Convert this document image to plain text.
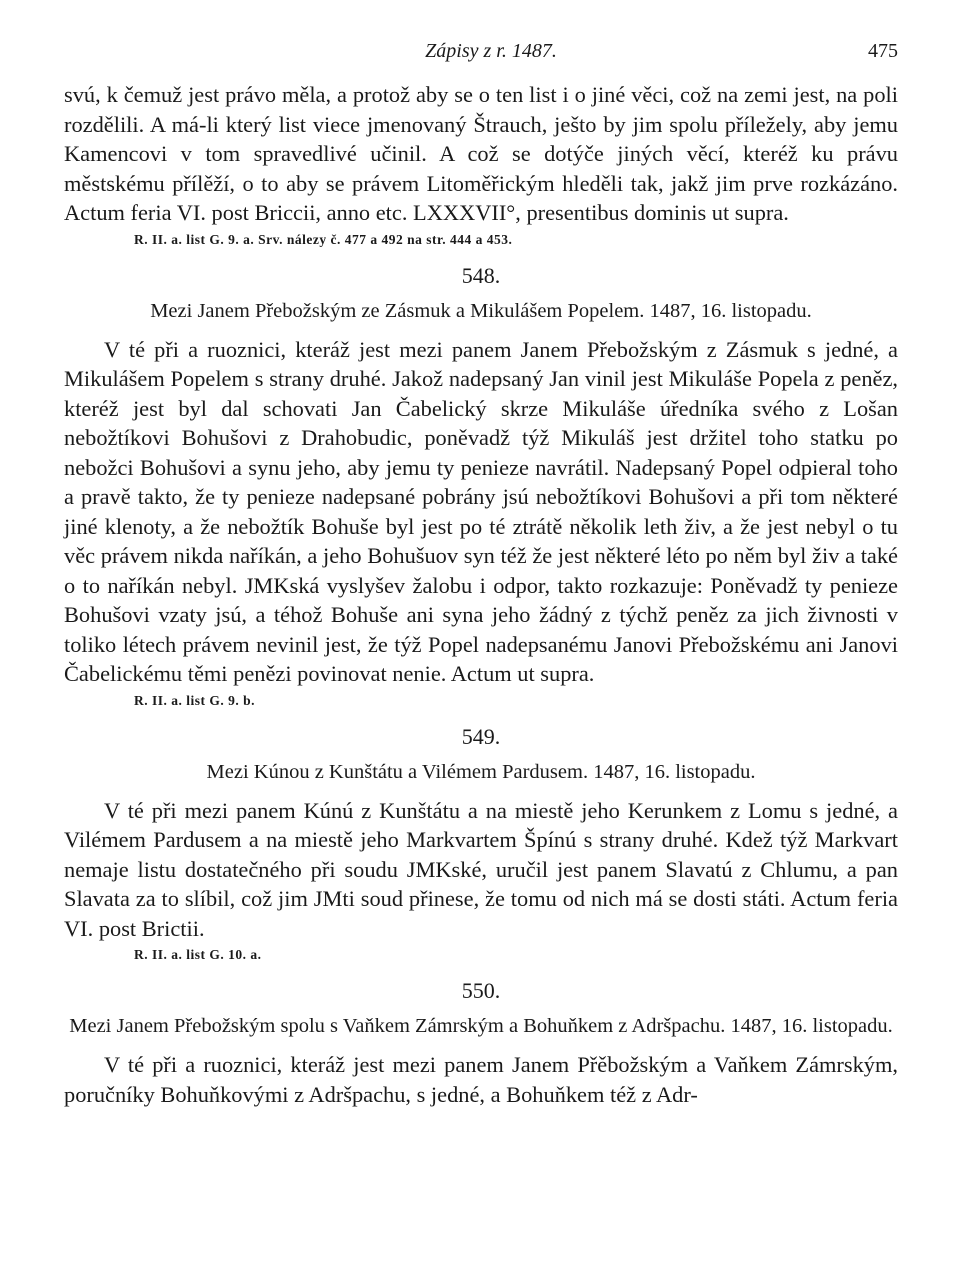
Zápisy z r. 1487.	475

svú, k čemuž jest právo měla, a protož aby se o ten list i o jiné věci, což na zemi jest, na poli rozdělili. A má-li který list viece jmenovaný Štrauch, ješto by jim spolu příležely, aby jemu Kamencovi v tom spravedlivé učinil. A což se dotýče jiných věcí, kteréž ku právu městskému přílěží, o to aby se právem Litoměřickým hleděli tak, jakž jim prve rozkázáno. Actum feria VI. post Briccii, anno etc. LXXXVII°, presentibus dominis ut supra.

R. II. a. list G. 9. a. Srv. nálezy č. 477 a 492 na str. 444 a 453.
548.
Mezi Janem Přebožským ze Zásmuk a Mikulášem Popelem. 1487, 16. listopadu.

V té při a ruoznici, kteráž jest mezi panem Janem Přebožským z Zásmuk s jedné, a Mikulášem Popelem s strany druhé. Jakož nadepsaný Jan vinil jest Mikuláše Popela z peněz, kteréž jest byl dal schovati Jan Čabelický skrze Mikuláše úředníka svého z Lošan nebožtíkovi Bohušovi z Drahobudic, poněvadž týž Mikuláš jest držitel toho statku po nebožci Bohušovi a synu jeho, aby jemu ty penieze navrátil. Nadepsaný Popel odpieral toho a pravě takto, že ty penieze nadepsané pobrány jsú nebožtíkovi Bohušovi a při tom některé jiné klenoty, a že nebožtík Bohuše byl jest po té ztrátě několik leth živ, a že jest nebyl o tu věc právem nikda naříkán, a jeho Bohušuov syn též že jest některé léto po něm byl živ a také o to naříkán nebyl. JMKská vyslyšev žalobu i odpor, takto rozkazuje: Poněvadž ty penieze Bohušovi vzaty jsú, a téhož Bohuše ani syna jeho žádný z týchž peněz za jich živnosti v toliko létech právem nevinil jest, že týž Popel nadepsanému Janovi Přebožskému ani Janovi Čabelickému těmi penězi povinovat nenie. Actum ut supra.

R. II. a. list G. 9. b.
549.
Mezi Kúnou z Kunštátu a Vilémem Pardusem. 1487, 16. listopadu.

V té při mezi panem Kúnú z Kunštátu a na miestě jeho Kerunkem z Lomu s jedné, a Vilémem Pardusem a na miestě jeho Markvartem Špínú s strany druhé. Kdež týž Markvart nemaje listu dostatečného při soudu JMKské, uručil jest panem Slavatú z Chlumu, a pan Slavata za to slíbil, což jim JMti soud přinese, že tomu od nich má se dosti státi. Actum feria VI. post Brictii.

R. II. a. list G. 10. a.
550.
Mezi Janem Přebožským spolu s Vaňkem Zámrským a Bohuňkem z Adršpachu. 1487, 16. listopadu.

V té při a ruoznici, kteráž jest mezi panem Janem Přěbožským a Vaňkem Zámrským, poručníky Bohuňkovými z Adršpachu, s jedné, a Bohuňkem též z Adr-
